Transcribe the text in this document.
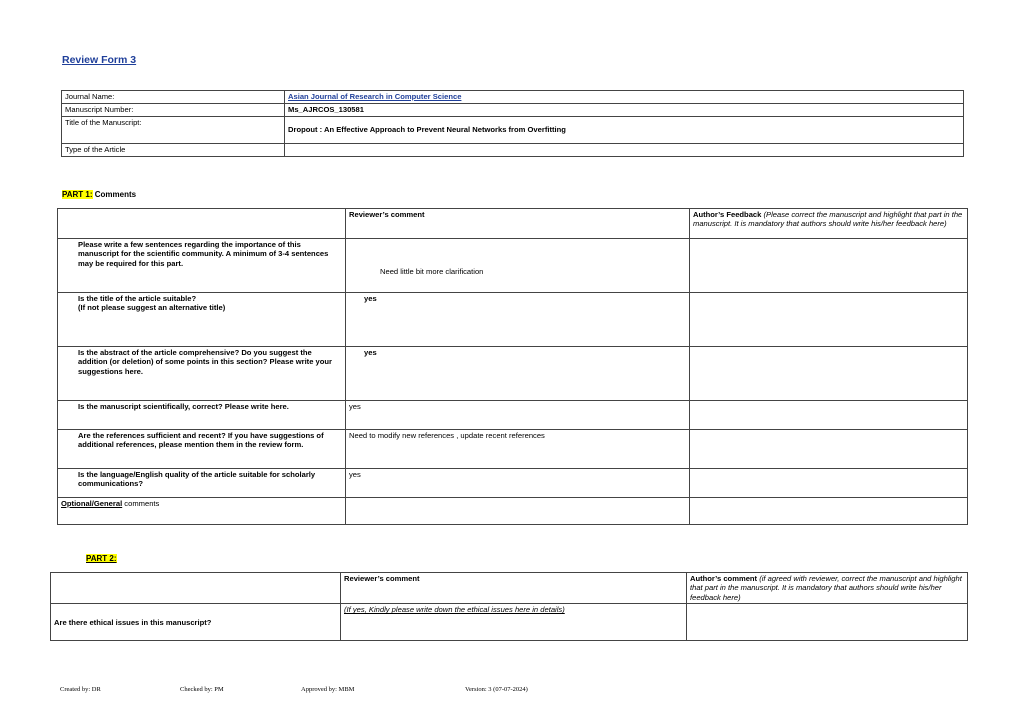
Review Form 3
Journal Name:	Asian Journal of Research in Computer Science
Manuscript Number:	Ms_AJRCOS_130581
Title of the Manuscript:	Dropout : An Effective Approach to Prevent Neural Networks from Overfitting
Type of the Article	
PART 1: Comments
	Reviewer’s comment	Author’s Feedback (Please correct the manuscript and highlight that part in the manuscript. It is mandatory that authors should write his/her feedback here)
Please write a few sentences regarding the importance of this manuscript for the scientific community. A minimum of 3-4 sentences may be required for this part.	Need little bit more clarification	
Is the title of the article suitable?
(If not please suggest an alternative title)	yes	
Is the abstract of the article comprehensive? Do you suggest the addition (or deletion) of some points in this section? Please write your suggestions here.	yes	
Is the manuscript scientifically, correct? Please write here.	yes	
Are the references sufficient and recent? If you have suggestions of additional references, please mention them in the review form.	Need to modify new references , update recent references	
Is the language/English quality of the article suitable for scholarly communications?	yes	
Optional/General comments		
PART 2:
	Reviewer’s comment	Author’s comment (if agreed with reviewer, correct the manuscript and highlight that part in the manuscript. It is mandatory that authors should write his/her feedback here)
Are there ethical issues in this manuscript?	(If yes, Kindly please write down the ethical issues here in details)	
Created by: DR	Checked by: PM	Approved by: MBM	Version: 3 (07-07-2024)
